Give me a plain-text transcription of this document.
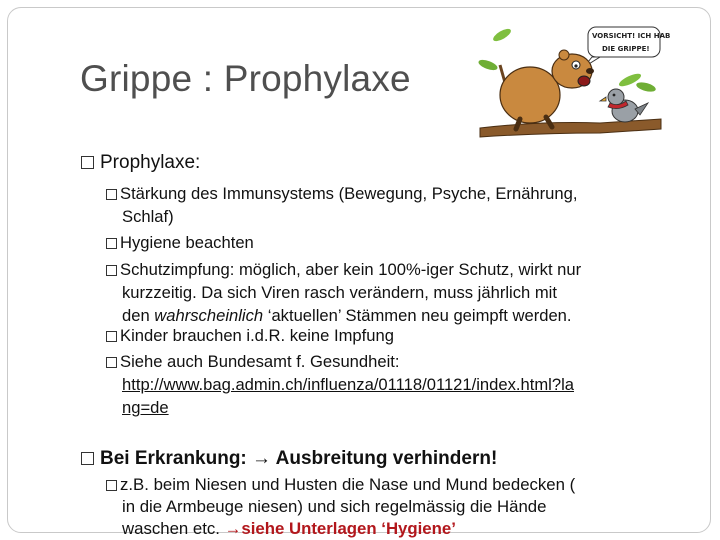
Grippe : Prophylaxe
VORSICHT! ICH HAB
DIE GRIPPE!
Prophylaxe:
Stärkung des Immunsystems (Bewegung, Psyche, Ernährung,
Schlaf)
Hygiene beachten
Schutzimpfung: möglich, aber kein 100%-iger Schutz, wirkt nur
kurzzeitig. Da sich Viren rasch verändern, muss jährlich mit
den wahrscheinlich ‘aktuellen’ Stämmen neu geimpft werden.
Kinder brauchen i.d.R. keine Impfung
Siehe auch Bundesamt f. Gesundheit:
http://www.bag.admin.ch/influenza/01118/01121/index.html?la
ng=de
Bei Erkrankung: → Ausbreitung verhindern!
z.B. beim Niesen und Husten die Nase und Mund bedecken (
in die Armbeuge niesen) und sich regelmässig die Hände
waschen etc. →siehe Unterlagen ‘Hygiene’
